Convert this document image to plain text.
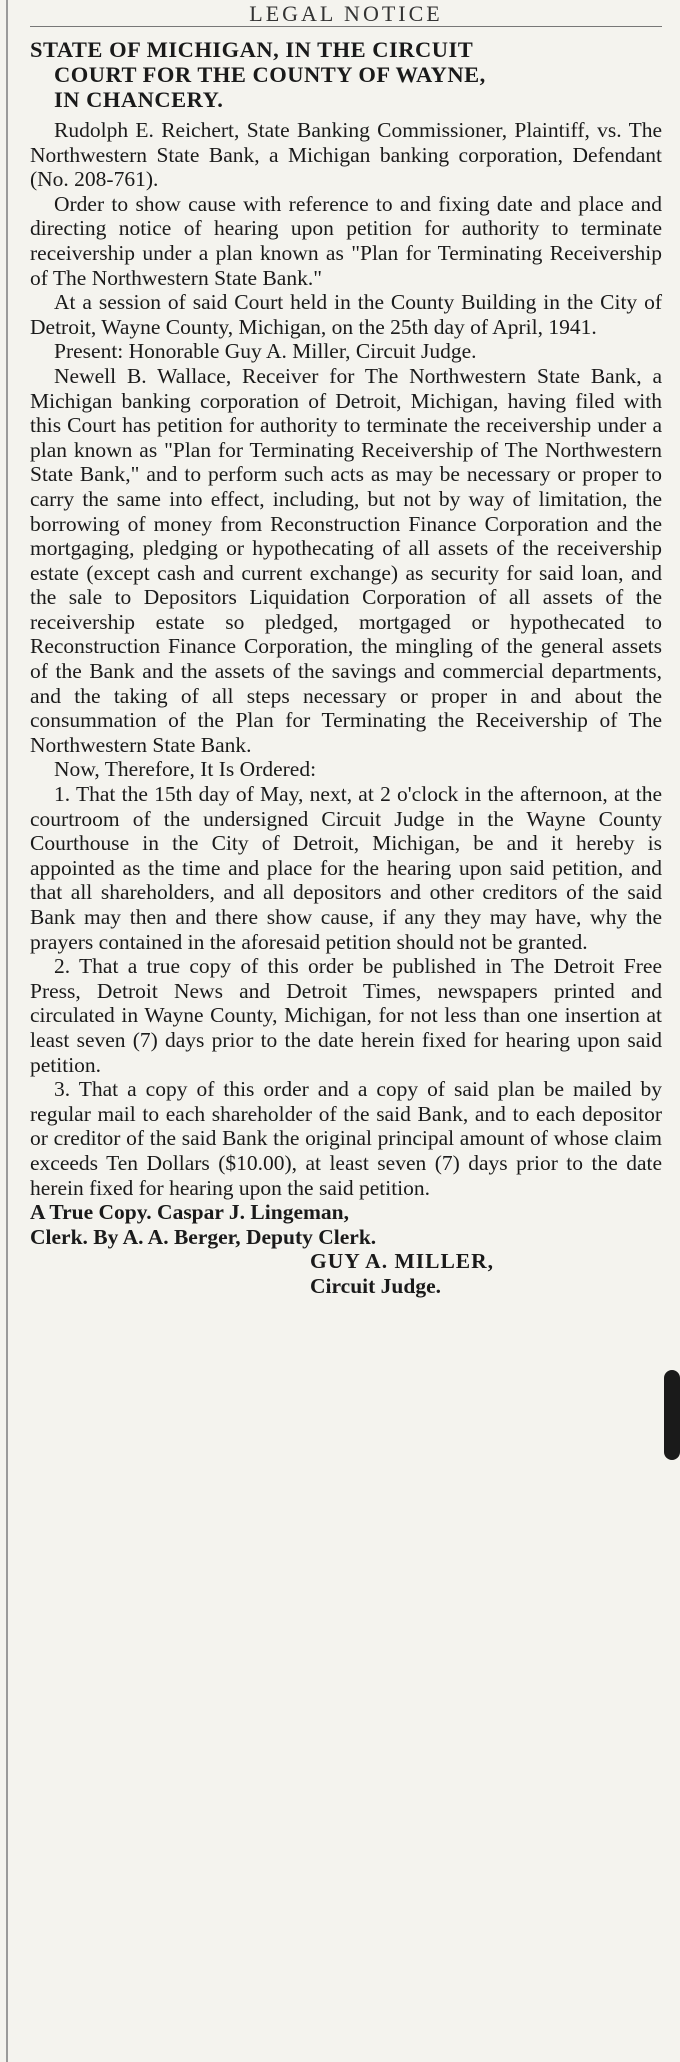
LEGAL NOTICE
STATE OF MICHIGAN, IN THE CIRCUIT
COURT FOR THE COUNTY OF WAYNE,
IN CHANCERY.

Rudolph E. Reichert, State Banking Commissioner, Plaintiff, vs. The Northwestern State Bank, a Michigan banking corporation, Defendant (No. 208-761).

Order to show cause with reference to and fixing date and place and directing notice of hearing upon petition for authority to terminate receivership under a plan known as "Plan for Terminating Receivership of The Northwestern State Bank."

At a session of said Court held in the County Building in the City of Detroit, Wayne County, Michigan, on the 25th day of April, 1941.

Present: Honorable Guy A. Miller, Circuit Judge.

Newell B. Wallace, Receiver for The Northwestern State Bank, a Michigan banking corporation of Detroit, Michigan, having filed with this Court has petition for authority to terminate the receivership under a plan known as "Plan for Terminating Receivership of The Northwestern State Bank," and to perform such acts as may be necessary or proper to carry the same into effect, including, but not by way of limitation, the borrowing of money from Reconstruction Finance Corporation and the mortgaging, pledging or hypothecating of all assets of the receivership estate (except cash and current exchange) as security for said loan, and the sale to Depositors Liquidation Corporation of all assets of the receivership estate so pledged, mortgaged or hypothecated to Reconstruction Finance Corporation, the mingling of the general assets of the Bank and the assets of the savings and commercial departments, and the taking of all steps necessary or proper in and about the consummation of the Plan for Terminating the Receivership of The Northwestern State Bank.

Now, Therefore, It Is Ordered:

1. That the 15th day of May, next, at 2 o'clock in the afternoon, at the courtroom of the undersigned Circuit Judge in the Wayne County Courthouse in the City of Detroit, Michigan, be and it hereby is appointed as the time and place for the hearing upon said petition, and that all shareholders, and all depositors and other creditors of the said Bank may then and there show cause, if any they may have, why the prayers contained in the aforesaid petition should not be granted.

2. That a true copy of this order be published in The Detroit Free Press, Detroit News and Detroit Times, newspapers printed and circulated in Wayne County, Michigan, for not less than one insertion at least seven (7) days prior to the date herein fixed for hearing upon said petition.

3. That a copy of this order and a copy of said plan be mailed by regular mail to each shareholder of the said Bank, and to each depositor or creditor of the said Bank the original principal amount of whose claim exceeds Ten Dollars ($10.00), at least seven (7) days prior to the date herein fixed for hearing upon the said petition.

A True Copy. Caspar J. Lingeman,
Clerk. By A. A. Berger, Deputy Clerk.
GUY A. MILLER,
Circuit Judge.
